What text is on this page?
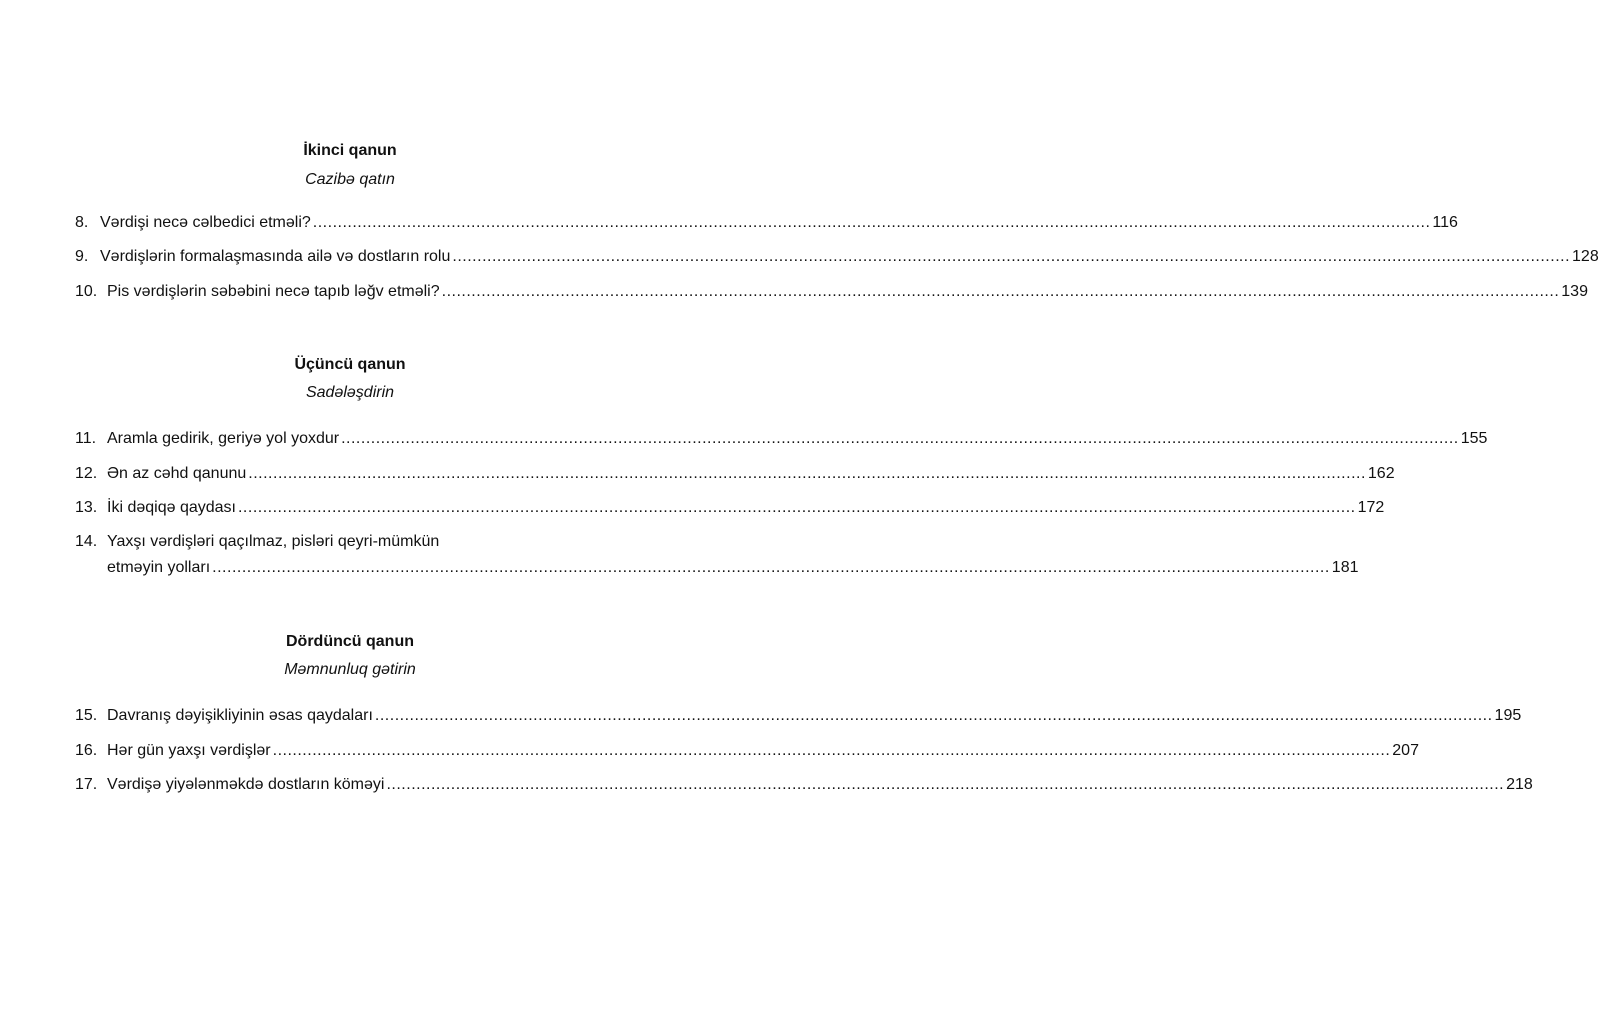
İkinci qanun
Cazibə qatın
8. Vərdişi necə cəlbedici etməli? .....	116
9. Vərdişlərin formalaşmasında ailə və dostların rolu .....	128
10. Pis vərdişlərin səbəbini necə tapıb ləğv etməli? .....	139
Üçüncü qanun
Sadələşdirin
11. Aramla gedirik, geriyə yol yoxdur .....	155
12. Ən az cəhd qanunu .....	162
13. İki dəqiqə qaydası .....	172
14. Yaxşı vərdişləri qaçılmaz, pisləri qeyri-mümkün
etməyin yolları .....	181
Dördüncü qanun
Məmnunluq gətirin
15. Davranış dəyişikliyinin əsas qaydaları .....	195
16. Hər gün yaxşı vərdişlər .....	207
17. Vərdişə yiyələnməkdə dostların köməyi .....	218
